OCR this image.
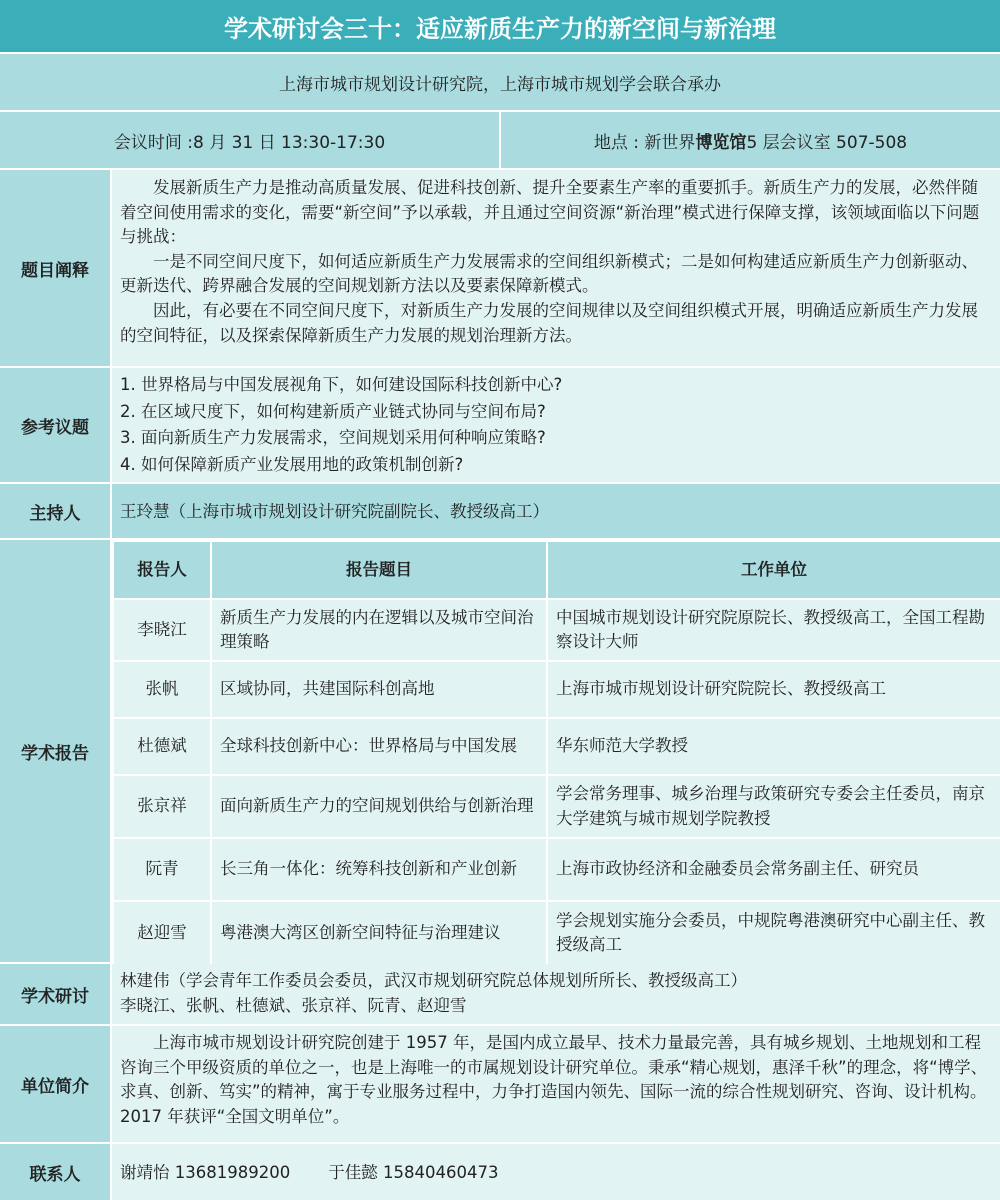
学术研讨会三十：适应新质生产力的新空间与新治理
上海市城市规划设计研究院，上海市城市规划学会联合承办
会议时间 :8 月 31 日 13:30-17:30	地点 : 新世界 博览馆 5 层会议室 507-508
题目阐释

发展新质生产力是推动高质量发展、促进科技创新、提升全要素生产率的重要抓手。新质生产力的发展，必然伴随着空间使用需求的变化，需要“新空间”予以承载，并且通过空间资源“新治理”模式进行保障支撑，该领域面临以下问题与挑战：

一是不同空间尺度下，如何适应新质生产力发展需求的空间组织新模式；二是如何构建适应新质生产力创新驱动、更新迭代、跨界融合发展的空间规划新方法以及要素保障新模式。

因此，有必要在不同空间尺度下，对新质生产力发展的空间规律以及空间组织模式开展，明确适应新质生产力发展的空间特征，以及探索保障新质生产力发展的规划治理新方法。

参考议题
1. 世界格局与中国发展视角下，如何建设国际科技创新中心?
2. 在区域尺度下，如何构建新质产业链式协同与空间布局?
3. 面向新质生产力发展需求，空间规划采用何种响应策略?
4. 如何保障新质产业发展用地的政策机制创新?
主持人	王玲慧（上海市城市规划设计研究院副院长、教授级高工）
学术报告
报告人	报告题目	工作单位
李晓江	新质生产力发展的内在逻辑以及城市空间治理策略	中国城市规划设计研究院原院长、教授级高工，全国工程勘察设计大师
张帆	区域协同，共建国际科创高地	上海市城市规划设计研究院院长、教授级高工
杜德斌	全球科技创新中心：世界格局与中国发展	华东师范大学教授
张京祥	面向新质生产力的空间规划供给与创新治理	学会常务理事、城乡治理与政策研究专委会主任委员，南京大学建筑与城市规划学院教授
阮青	长三角一体化：统筹科技创新和产业创新	上海市政协经济和金融委员会常务副主任、研究员
赵迎雪	粤港澳大湾区创新空间特征与治理建议	学会规划实施分会委员，中规院粤港澳研究中心副主任、教授级高工
学术研讨
林建伟（学会青年工作委员会委员，武汉市规划研究院总体规划所所长、教授级高工）
李晓江、张帆、杜德斌、张京祥、阮青、赵迎雪
单位简介

上海市城市规划设计研究院创建于 1957 年，是国内成立最早、技术力量最完善，具有城乡规划、土地规划和工程咨询三个甲级资质的单位之一，也是上海唯一的市属规划设计研究单位。秉承“精心规划，惠泽千秋”的理念，将“博学、求真、创新、笃实”的精神，寓于专业服务过程中，力争打造国内领先、国际一流的综合性规划研究、咨询、设计机构。2017 年获评“全国文明单位”。

联系人	谢靖怡 13681989200 于佳懿 15840460473
